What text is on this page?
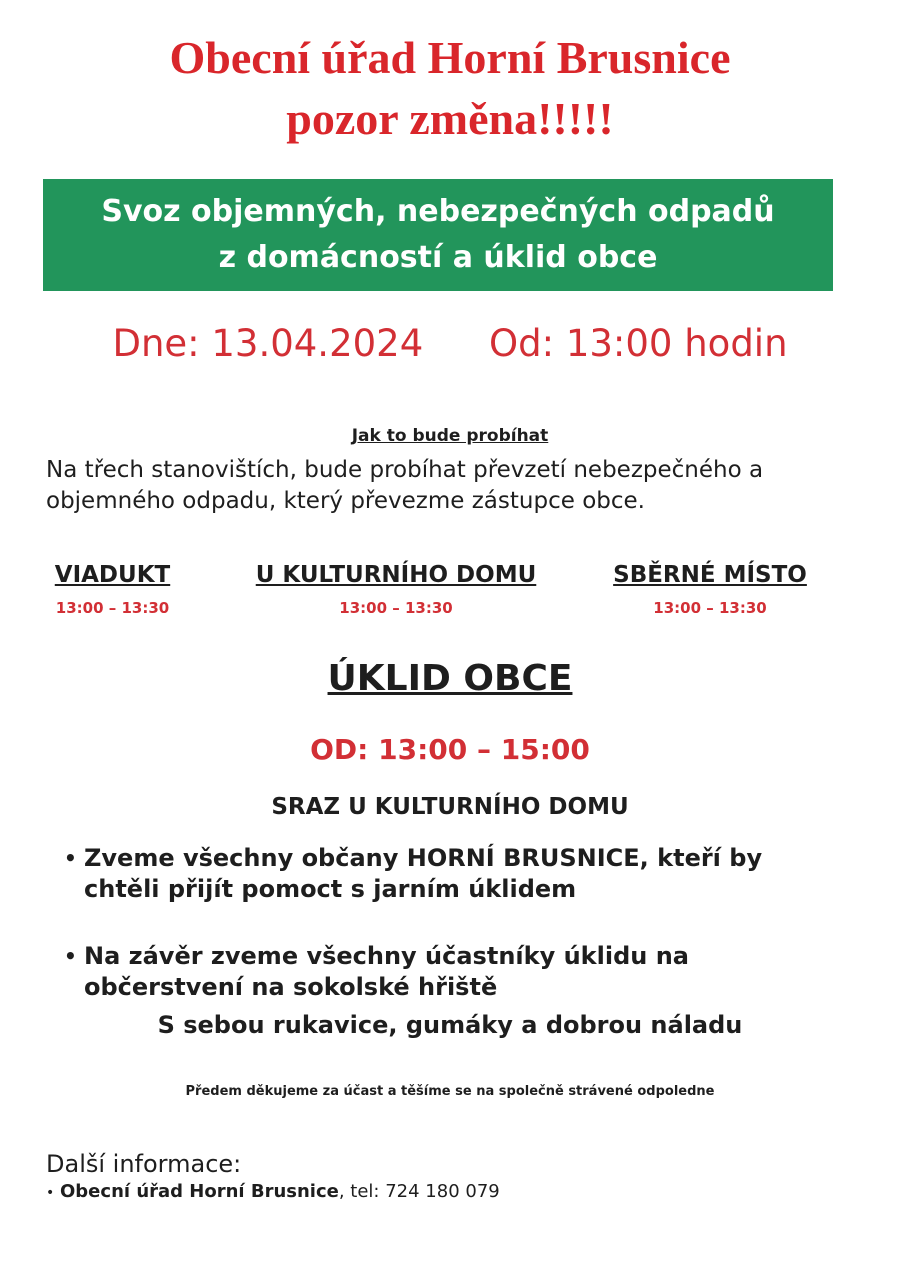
Obecní úřad Horní Brusnice
pozor změna!!!!!
Svoz objemných, nebezpečných odpadů
z domácností a úklid obce
Dne: 13.04.2024 Od: 13:00 hodin
Jak to bude probíhat
Na třech stanovištích, bude probíhat převzetí nebezpečného a objemného odpadu, který převezme zástupce obce.
VIADUKT
13:00 – 13:30
U KULTURNÍHO DOMU
13:00 – 13:30
SBĚRNÉ MÍSTO
13:00 – 13:30
ÚKLID OBCE
OD: 13:00 – 15:00
SRAZ U KULTURNÍHO DOMU
• Zveme všechny občany HORNÍ BRUSNICE, kteří by
chtěli přijít pomoct s jarním úklidem
• Na závěr zveme všechny účastníky úklidu na
občerstvení na sokolské hřiště
S sebou rukavice, gumáky a dobrou náladu
Předem děkujeme za účast a těšíme se na společně strávené odpoledne
Další informace:
• Obecní úřad Horní Brusnice, tel: 724 180 079
